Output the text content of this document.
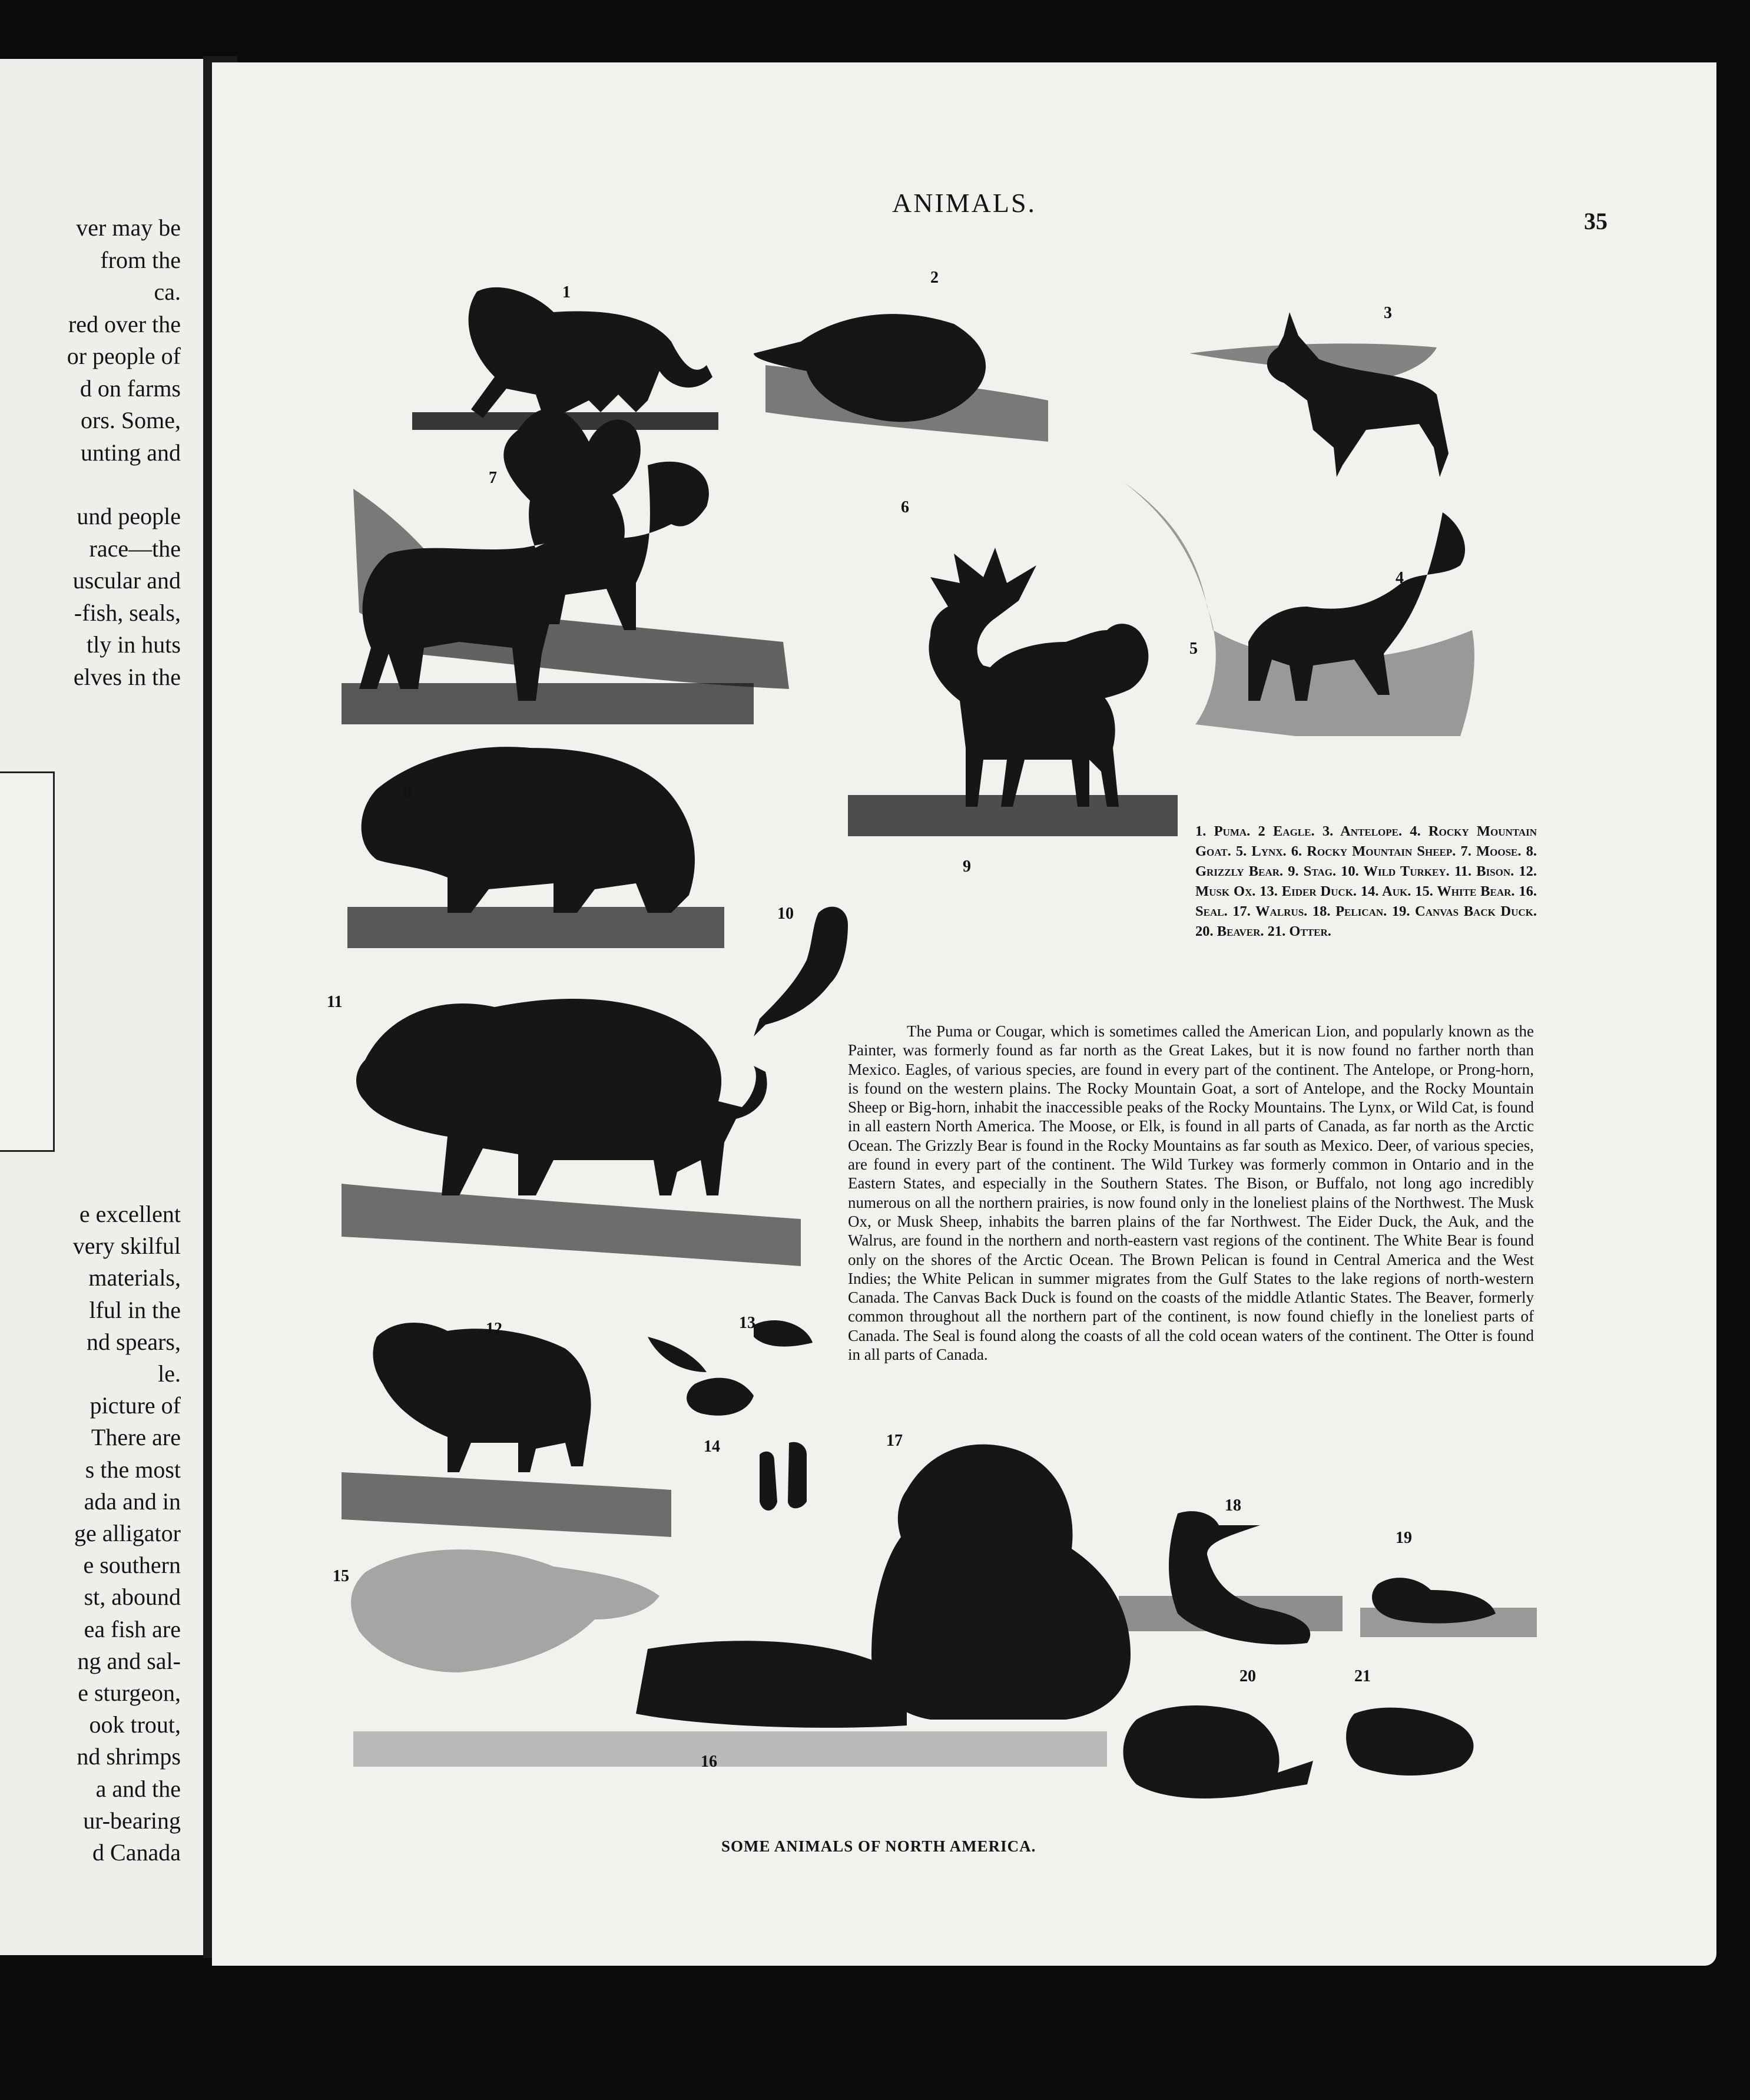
ver may be
from the
ca.
red over the
or people of
d on farms
ors. Some,
unting and
und people
race—the
uscular and
-fish, seals,
tly in huts
elves in the
e excellent
very skilful
materials,
lful in the
nd spears,
le.
picture of
There are
s the most
ada and in
ge alligator
e southern
st, abound
ea fish are
ng and sal-
e sturgeon,
ook trout,
nd shrimps
a and the
ur-bearing
d Canada
ANIMALS.
35
1
2
3
4
5
6
7
8
9
10
11
12	13
14
15
16
17
18
19
20	21
1. Puma. 2 Eagle. 3. Antelope. 4. Rocky Mountain Goat. 5. Lynx. 6. Rocky Mountain Sheep. 7. Moose. 8. Grizzly Bear. 9. Stag. 10. Wild Turkey. 11. Bison. 12. Musk Ox. 13. Eider Duck. 14. Auk. 15. White Bear. 16. Seal. 17. Walrus. 18. Pelican. 19. Canvas Back Duck. 20. Beaver. 21. Otter.

The Puma or Cougar, which is sometimes called the American Lion, and popularly known as the Painter, was formerly found as far north as the Great Lakes, but it is now found no farther north than Mexico. Eagles, of various species, are found in every part of the continent. The Antelope, or Prong-horn, is found on the western plains. The Rocky Mountain Goat, a sort of Antelope, and the Rocky Mountain Sheep or Big-horn, inhabit the inaccessible peaks of the Rocky Mountains. The Lynx, or Wild Cat, is found in all eastern North America. The Moose, or Elk, is found in all parts of Canada, as far north as the Arctic Ocean. The Grizzly Bear is found in the Rocky Mountains as far south as Mexico. Deer, of various species, are found in every part of the continent. The Wild Turkey was formerly common in Ontario and in the Eastern States, and especially in the Southern States. The Bison, or Buffalo, not long ago incredibly numerous on all the northern prairies, is now found only in the loneliest plains of the Northwest. The Musk Ox, or Musk Sheep, inhabits the barren plains of the far Northwest. The Eider Duck, the Auk, and the Walrus, are found in the northern and north-eastern vast regions of the continent. The White Bear is found only on the shores of the Arctic Ocean. The Brown Pelican is found in Central America and the West Indies; the White Pelican in summer migrates from the Gulf States to the lake regions of north-western Canada. The Canvas Back Duck is found on the coasts of the middle Atlantic States. The Beaver, formerly common throughout all the northern part of the continent, is now found chiefly in the loneliest parts of Canada. The Seal is found along the coasts of all the cold ocean waters of the continent. The Otter is found in all parts of Canada.

SOME ANIMALS OF NORTH AMERICA.
